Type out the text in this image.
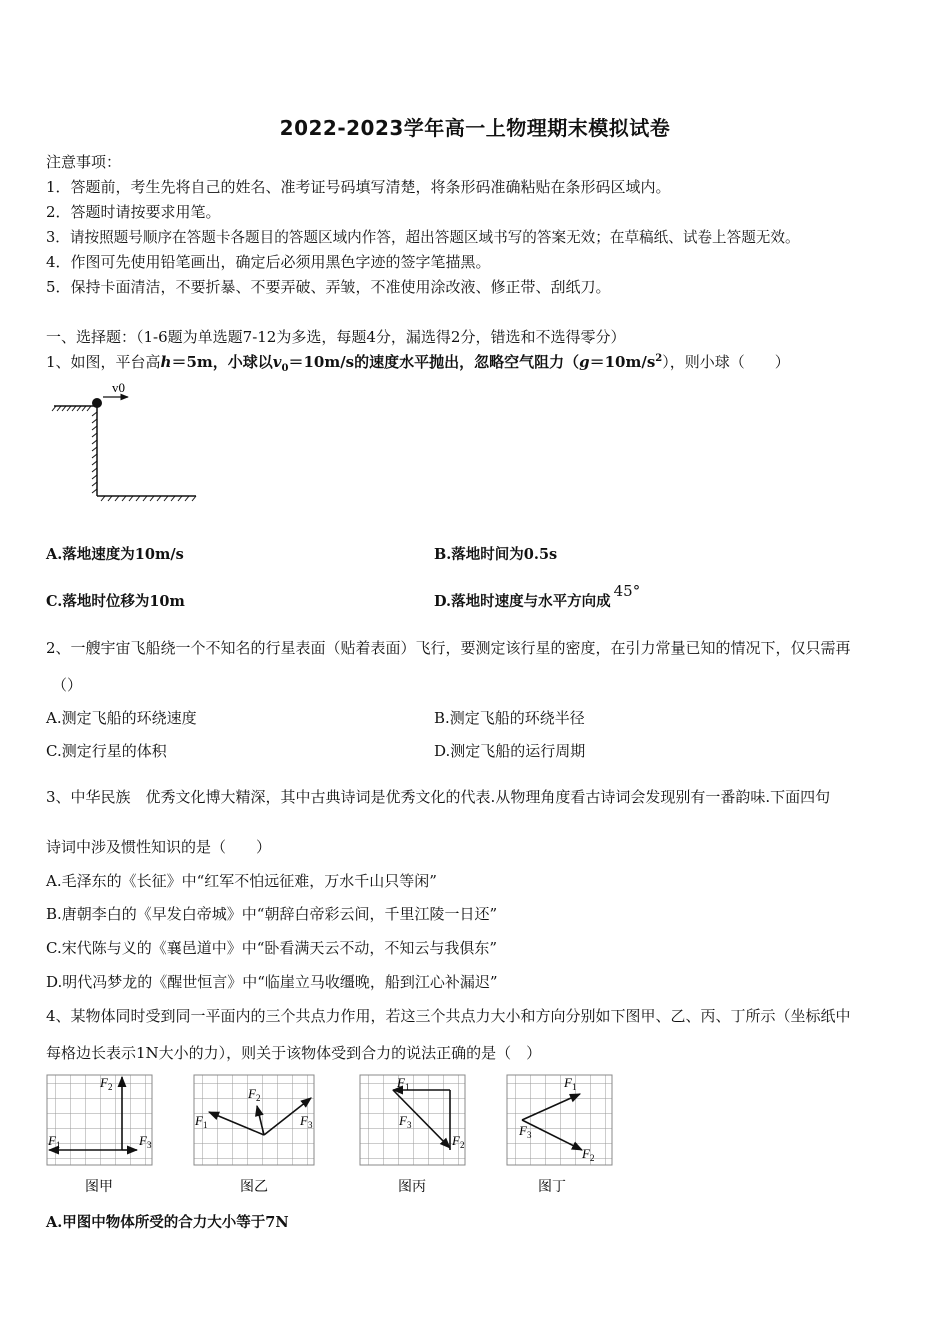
2022-2023学年高一上物理期末模拟试卷
注意事项：
1．答题前，考生先将自己的姓名、准考证号码填写清楚，将条形码准确粘贴在条形码区域内。
2．答题时请按要求用笔。
3．请按照题号顺序在答题卡各题目的答题区域内作答，超出答题区域书写的答案无效；在草稿纸、试卷上答题无效。
4．作图可先使用铅笔画出，确定后必须用黑色字迹的签字笔描黑。
5．保持卡面清洁，不要折暴、不要弄破、弄皱，不准使用涂改液、修正带、刮纸刀。
一、选择题：（1-6题为单选题7-12为多选，每题4分，漏选得2分，错选和不选得零分）
1、如图，平台高h＝5m，小球以$v_0=10m/s$的速度水平抛出，忽略空气阻力$(g=10m/s^2)$，则小球（　　）
v0
A.落地速度为10m/s	B.落地时间为0.5s
C.落地时位移为10m	D.落地时速度与水平方向成45°
2、一艘宇宙飞船绕一个不知名的行星表面（贴着表面）飞行，要测定该行星的密度，在引力常量已知的情况下，仅只需再
（）
A.测定飞船的环绕速度	B.测定飞船的环绕半径
C.测定行星的体积	D.测定飞船的运行周期
3、中华民族　优秀文化博大精深，其中古典诗词是优秀文化的代表.从物理角度看古诗词会发现别有一番韵味.下面四句
诗词中涉及惯性知识的是（　　）
A.毛泽东的《长征》中“红军不怕远征难，万水千山只等闲”
B.唐朝李白的《早发白帝城》中“朝辞白帝彩云间，千里江陵一日还”
C.宋代陈与义的《襄邑道中》中“卧看满天云不动，不知云与我俱东”
D.明代冯梦龙的《醒世恒言》中“临崖立马收缰晚，船到江心补漏迟”
4、某物体同时受到同一平面内的三个共点力作用，若这三个共点力大小和方向分别如下图甲、乙、丙、丁所示（坐标纸中
每格边长表示1N大小的力），则关于该物体受到合力的说法正确的是（　）
$F_2$
$F_1$	$F_3$
图甲
$F_1$
$F_2$
$F_3$
图乙
$F_1$
$F_3$
$F_2$
图丙
$F_1$
$F_3$
$F_2$
图丁
A.甲图中物体所受的合力大小等于7N
